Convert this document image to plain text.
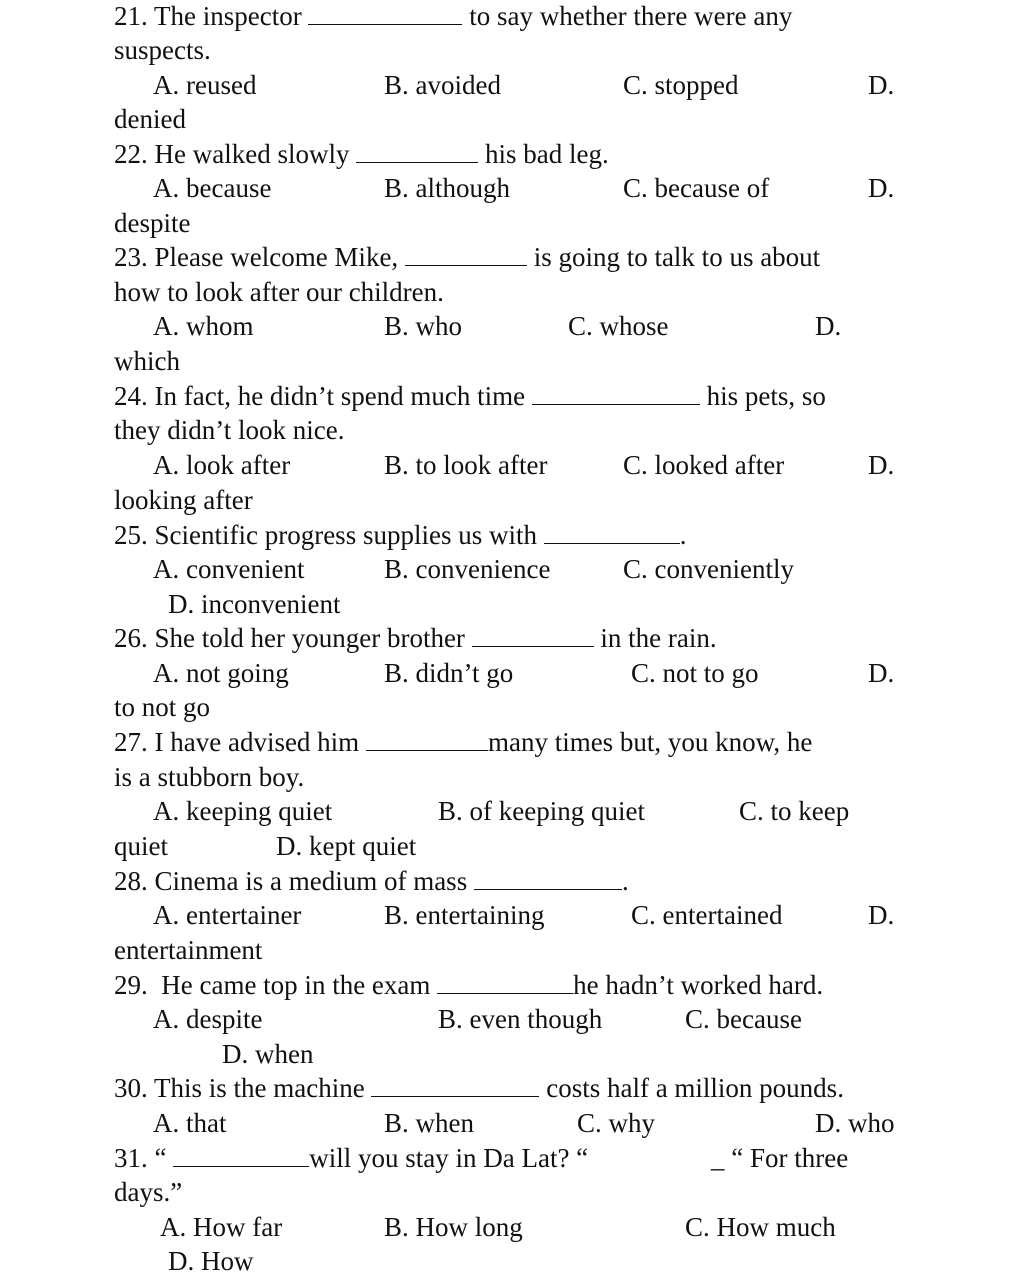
21. The inspector	to say whether there were any
suspects.
A. reused	B. avoided	C. stopped	D.
denied
22. He walked slowly	his bad leg.
A. because	B. although	C. because of	D.
despite
23. Please welcome Mike,	is going to talk to us about
how to look after our children.
A. whom	B. who	C. whose	D.
which
24. In fact, he didn’t spend much time	his pets, so
they didn’t look nice.
A. look after	B. to look after	C. looked after	D.
looking after
25. Scientific progress supplies us with	.
A. convenient	B. convenience	C. conveniently
D. inconvenient
26. She told her younger brother	in the rain.
A. not going	B. didn’t go	C. not to go	D.
to not go
27. I have advised him	many times but, you know, he
is a stubborn boy.
A. keeping quiet	B. of keeping quiet	C. to keep
quiet	D. kept quiet
28. Cinema is a medium of mass	.
A. entertainer	B. entertaining	C. entertained	D.
entertainment
29.  He came top in the exam	he hadn’t worked hard.
A. despite	B. even though	C. because
D. when
30. This is the machine	costs half a million pounds.
A. that	B. when	C. why	D. who
31. “	will you stay in Da Lat? “	_ “ For three
days.”
A. How far	B. How long	C. How much
D. How
